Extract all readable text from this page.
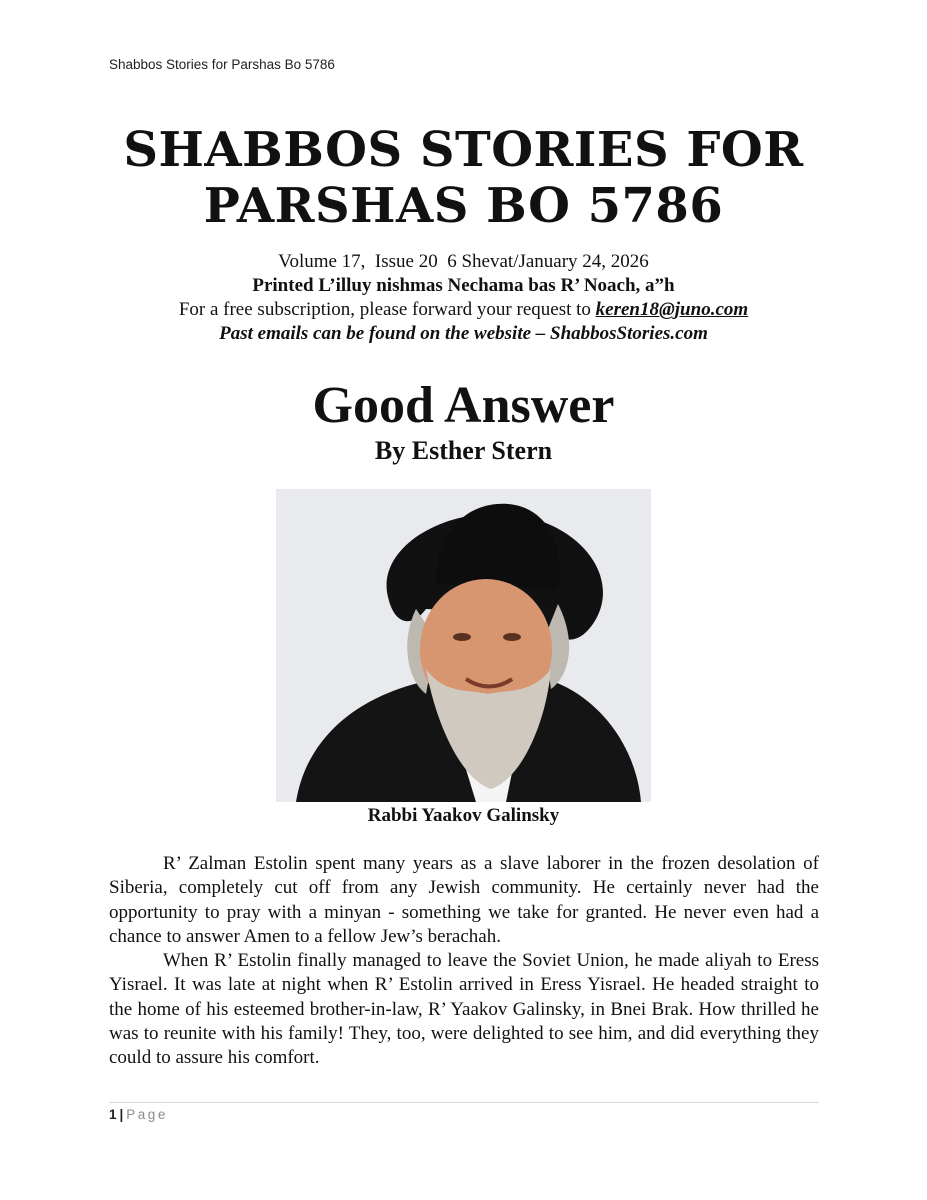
Shabbos Stories for Parshas Bo 5786
SHABBOS STORIES FOR
PARSHAS BO 5786
Volume 17,  Issue 20  6 Shevat/January 24, 2026
Printed L’illuy nishmas Nechama bas R’ Noach, a”h
For a free subscription, please forward your request to keren18@juno.com
Past emails can be found on the website – ShabbosStories.com
Good Answer
By Esther Stern
Rabbi Yaakov Galinsky

R’ Zalman Estolin spent many years as a slave laborer in the frozen desolation of Siberia, completely cut off from any Jewish community. He certainly never had the opportunity to pray with a minyan - something we take for granted. He never even had a chance to answer Amen to a fellow Jew’s berachah.

When R’ Estolin finally managed to leave the Soviet Union, he made aliyah to Eress Yisrael. It was late at night when R’ Estolin arrived in Eress Yisrael. He headed straight to the home of his esteemed brother-in-law, R’ Yaakov Galinsky, in Bnei Brak. How thrilled he was to reunite with his family! They, too, were delighted to see him, and did everything they could to assure his comfort.

1 | Page
